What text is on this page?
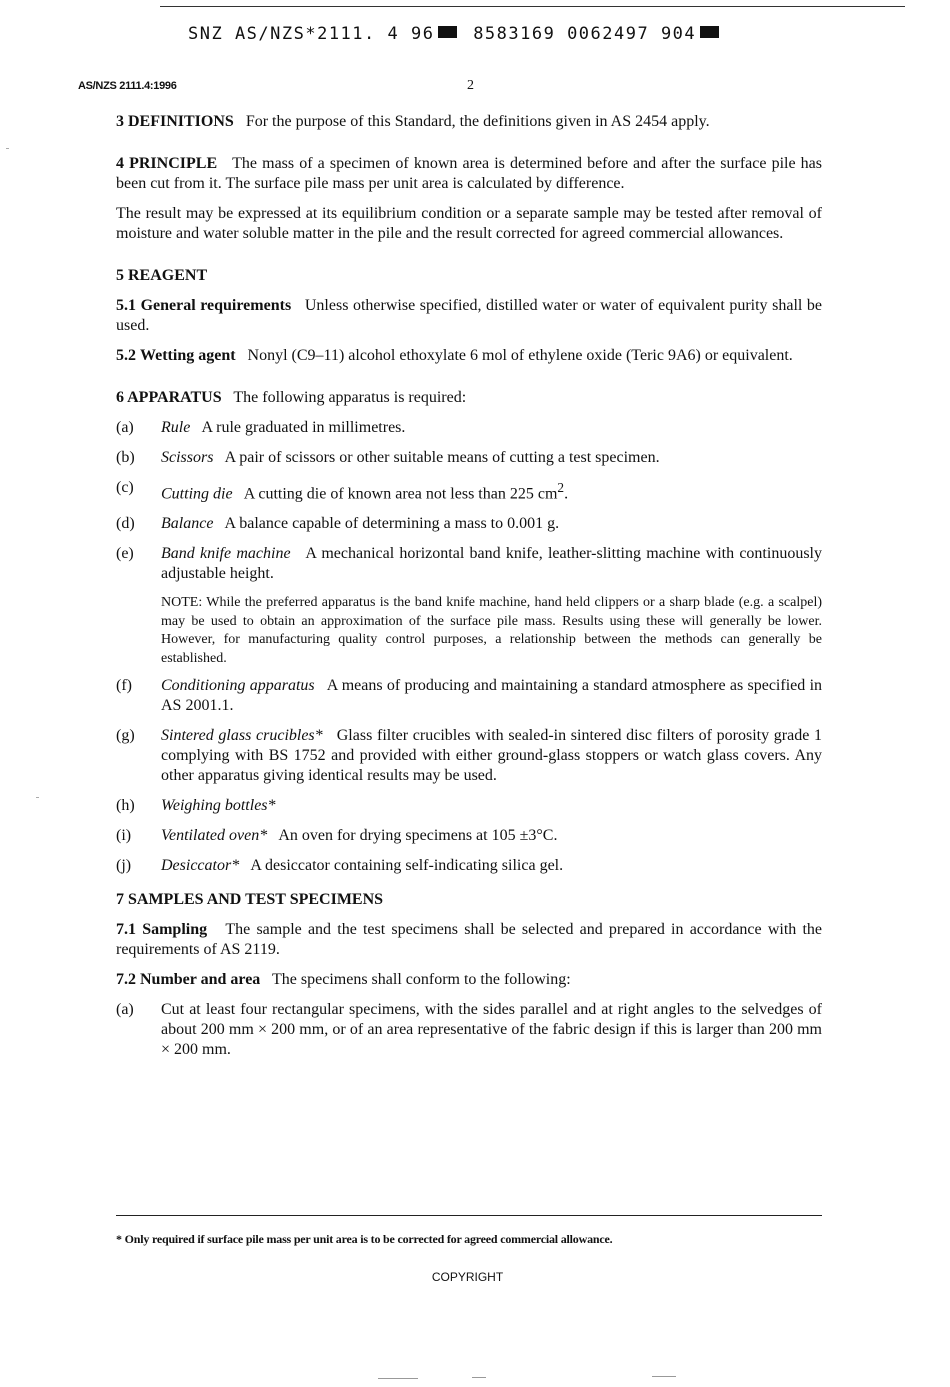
SNZ AS/NZS*2111. 4 96 8583169 0062497 904
AS/NZS 2111.4:1996	2

3 DEFINITIONS For the purpose of this Standard, the definitions given in AS 2454 apply.

4 PRINCIPLE The mass of a specimen of known area is determined before and after the surface pile has been cut from it. The surface pile mass per unit area is calculated by difference.

The result may be expressed at its equilibrium condition or a separate sample may be tested after removal of moisture and water soluble matter in the pile and the result corrected for agreed commercial allowances.

5 REAGENT

5.1 General requirements Unless otherwise specified, distilled water or water of equivalent purity shall be used.

5.2 Wetting agent Nonyl (C9–11) alcohol ethoxylate 6 mol of ethylene oxide (Teric 9A6) or equivalent.

6 APPARATUS The following apparatus is required:

(a) Rule A rule graduated in millimetres.
(b) Scissors A pair of scissors or other suitable means of cutting a test specimen.
(c) Cutting die A cutting die of known area not less than 225 $cm^2$.
(d) Balance A balance capable of determining a mass to 0.001 g.
(e) Band knife machine A mechanical horizontal band knife, leather-slitting machine with continuously adjustable height.

NOTE: While the preferred apparatus is the band knife machine, hand held clippers or a sharp blade (e.g. a scalpel) may be used to obtain an approximation of the surface pile mass. Results using these will generally be lower. However, for manufacturing quality control purposes, a relationship between the methods can generally be established.

(f) Conditioning apparatus A means of producing and maintaining a standard atmosphere as specified in AS 2001.1.
(g) Sintered glass crucibles* Glass filter crucibles with sealed-in sintered disc filters of porosity grade 1 complying with BS 1752 and provided with either ground-glass stoppers or watch glass covers. Any other apparatus giving identical results may be used.
(h) Weighing bottles*
(i) Ventilated oven* An oven for drying specimens at 105 ±3°C.
(j) Desiccator* A desiccator containing self-indicating silica gel.

7 SAMPLES AND TEST SPECIMENS

7.1 Sampling The sample and the test specimens shall be selected and prepared in accordance with the requirements of AS 2119.

7.2 Number and area The specimens shall conform to the following:

(a) Cut at least four rectangular specimens, with the sides parallel and at right angles to the selvedges of about 200 mm × 200 mm, or of an area representative of the fabric design if this is larger than 200 mm × 200 mm.
* Only required if surface pile mass per unit area is to be corrected for agreed commercial allowance.
COPYRIGHT
